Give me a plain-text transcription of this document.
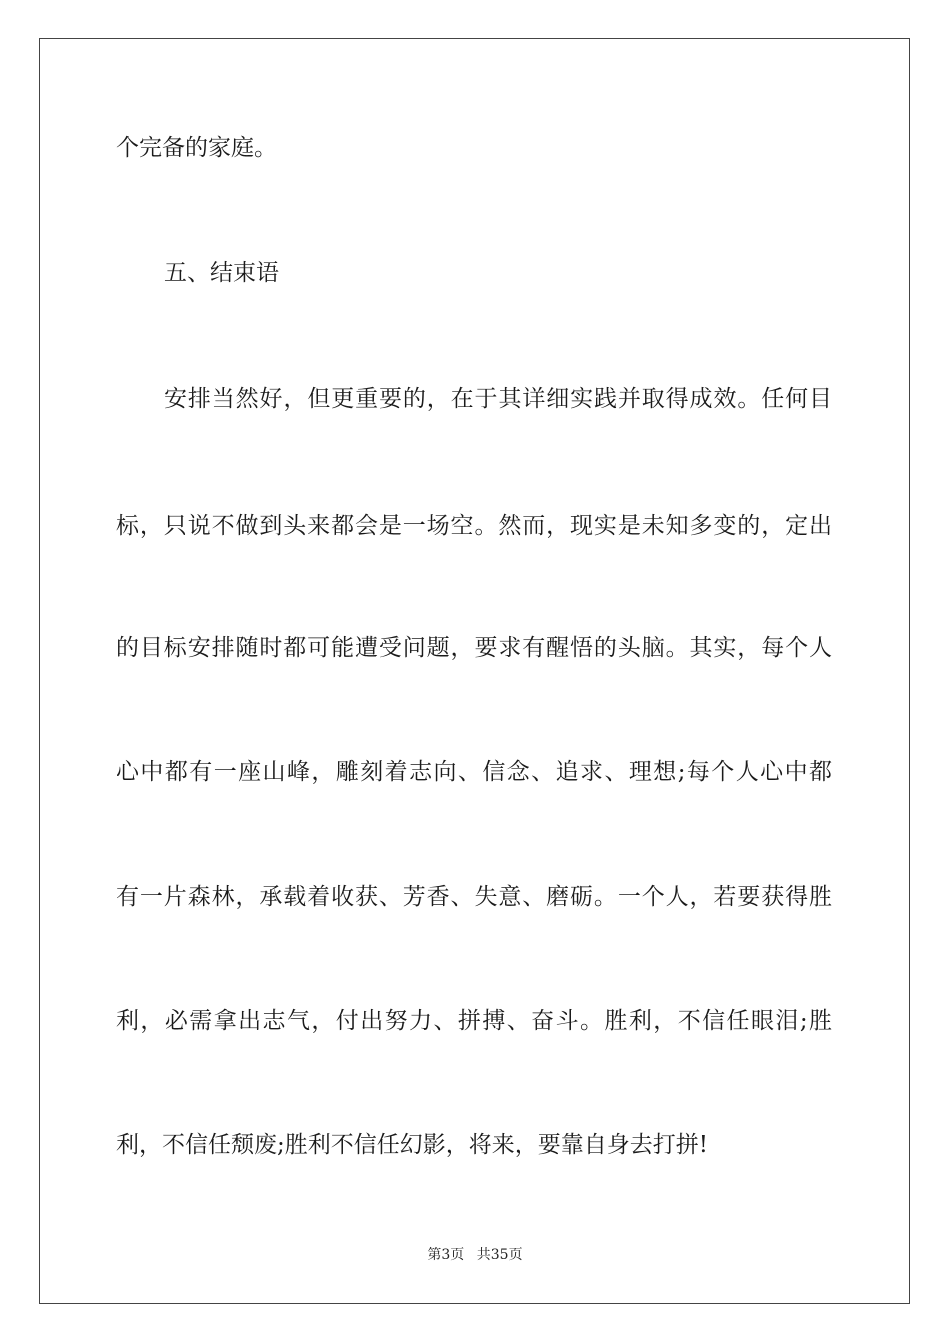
个完备的家庭。
五、结束语
安排当然好，但更重要的，在于其详细实践并取得成效。任何目
标，只说不做到头来都会是一场空。然而，现实是未知多变的，定出
的目标安排随时都可能遭受问题，要求有醒悟的头脑。其实，每个人
心中都有一座山峰，雕刻着志向、信念、追求、理想;每个人心中都
有一片森林，承载着收获、芳香、失意、磨砺。一个人，若要获得胜
利，必需拿出志气，付出努力、拼搏、奋斗。胜利，不信任眼泪;胜
利，不信任颓废;胜利不信任幻影，将来，要靠自身去打拼!
第3页 共35页
